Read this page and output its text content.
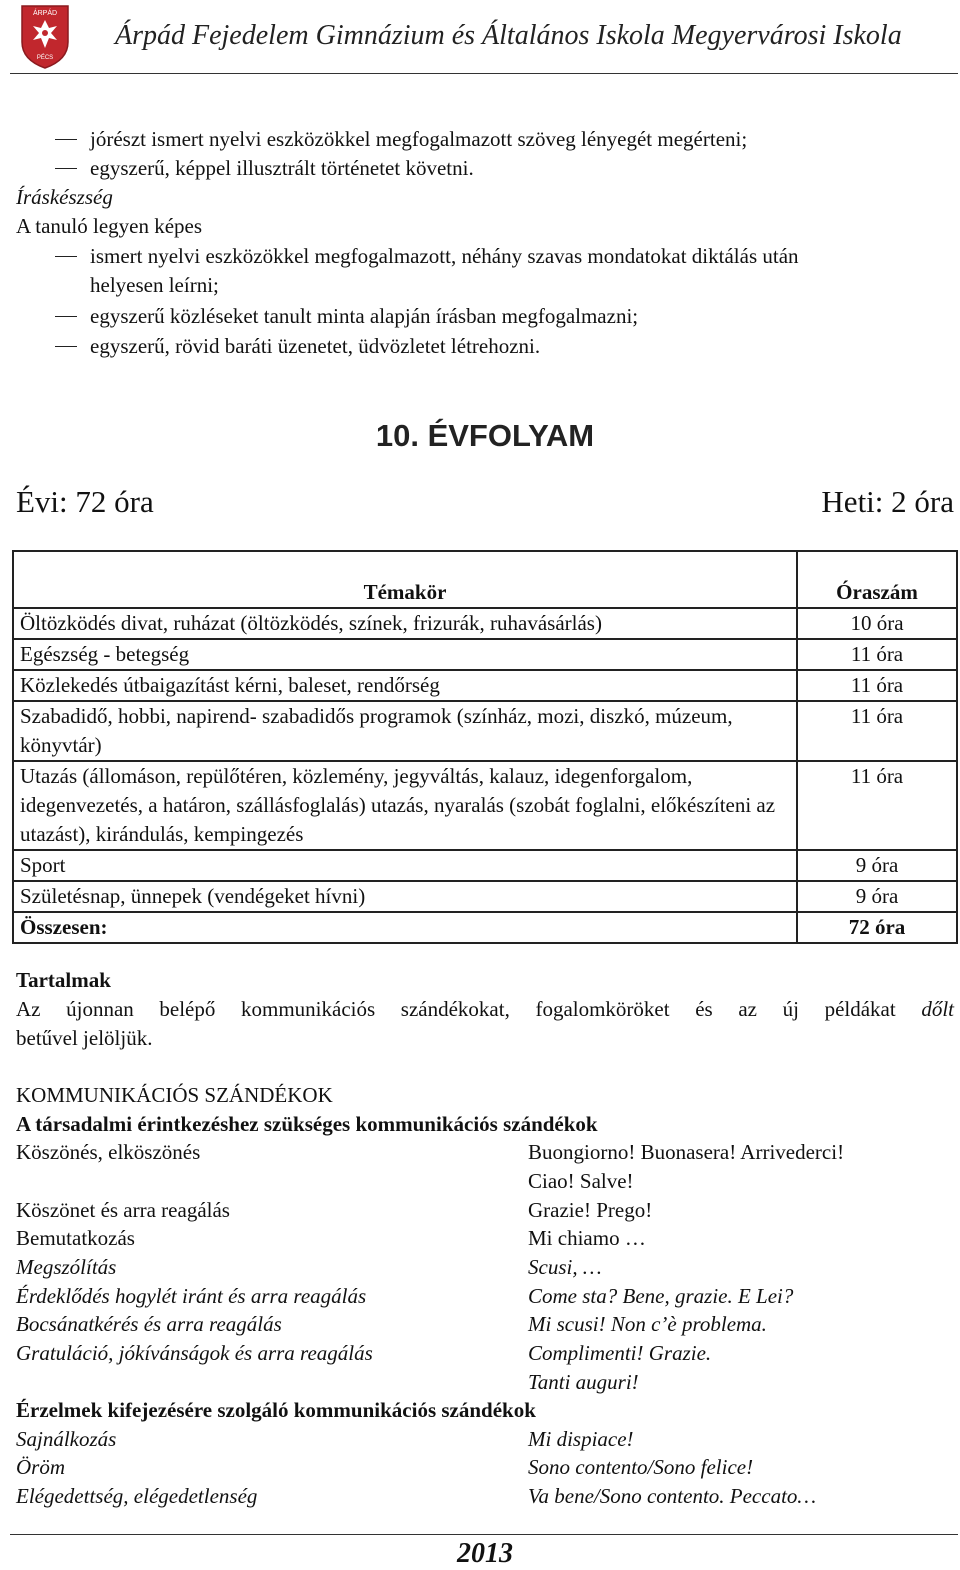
ÁRPÁD
PÉCS
Árpád Fejedelem Gimnázium és Általános Iskola Megyervárosi Iskola
jórészt ismert nyelvi eszközökkel megfogalmazott szöveg lényegét megérteni;
egyszerű, képpel illusztrált történetet követni.
Íráskészség
A tanuló legyen képes
ismert nyelvi eszközökkel megfogalmazott, néhány szavas mondatokat diktálás után
helyesen leírni;
egyszerű közléseket tanult minta alapján írásban megfogalmazni;
egyszerű, rövid baráti üzenetet, üdvözletet létrehozni.
10. ÉVFOLYAM
Évi: 72 óra	Heti: 2 óra
Témakör	Óraszám
Öltözködés divat, ruházat (öltözködés, színek, frizurák, ruhavásárlás)	10 óra
Egészség - betegség	11 óra
Közlekedés útbaigazítást kérni, baleset, rendőrség	11 óra
Szabadidő, hobbi, napirend- szabadidős programok (színház, mozi, diszkó, múzeum, könyvtár)	11 óra
Utazás (állomáson, repülőtéren, közlemény, jegyváltás, kalauz, idegenforgalom, idegenvezetés, a határon, szállásfoglalás) utazás, nyaralás (szobát foglalni, előkészíteni az utazást), kirándulás, kempingezés	11 óra
Sport	9 óra
Születésnap, ünnepek (vendégeket hívni)	9 óra
Összesen:	72 óra
Tartalmak
Az újonnan belépő kommunikációs szándékokat, fogalomköröket és az új példákat dőlt
betűvel jelöljük.
KOMMUNIKÁCIÓS SZÁNDÉKOK
A társadalmi érintkezéshez szükséges kommunikációs szándékok
Köszönés, elköszönés	Buongiorno! Buonasera! Arrivederci!
Ciao! Salve!
Köszönet és arra reagálás	Grazie! Prego!
Bemutatkozás	Mi chiamo …
Megszólítás	Scusi, …
Érdeklődés hogylét iránt és arra reagálás	Come sta? Bene, grazie. E Lei?
Bocsánatkérés és arra reagálás	Mi scusi! Non c’è problema.
Gratuláció, jókívánságok és arra reagálás	Complimenti! Grazie.
Tanti auguri!
Érzelmek kifejezésére szolgáló kommunikációs szándékok
Sajnálkozás	Mi dispiace!
Öröm	Sono contento/Sono felice!
Elégedettség, elégedetlenség	Va bene/Sono contento. Peccato…
2013
